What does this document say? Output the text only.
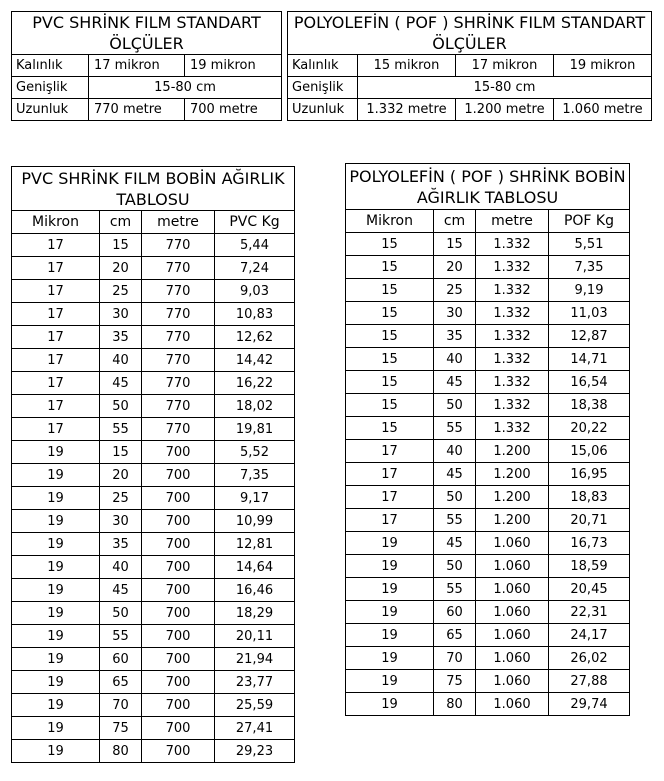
PVC SHRİNK FILM STANDART ÖLÇÜLER		
Kalınlık	17 mikron	19 mikron
Genişlik	15-80 cm	
Uzunluk	770 metre	700 metre
POLYOLEFİN ( POF ) SHRİNK FILM STANDART ÖLÇÜLER			
Kalınlık	15 mikron	17 mikron	19 mikron
Genişlik	15-80 cm		
Uzunluk	1.332 metre	1.200 metre	1.060 metre
PVC SHRİNK FILM BOBİN AĞIRLIK TABLOSU			
Mikron	cm	metre	PVC Kg
17	15	770	5,44
17	20	770	7,24
17	25	770	9,03
17	30	770	10,83
17	35	770	12,62
17	40	770	14,42
17	45	770	16,22
17	50	770	18,02
17	55	770	19,81
19	15	700	5,52
19	20	700	7,35
19	25	700	9,17
19	30	700	10,99
19	35	700	12,81
19	40	700	14,64
19	45	700	16,46
19	50	700	18,29
19	55	700	20,11
19	60	700	21,94
19	65	700	23,77
19	70	700	25,59
19	75	700	27,41
19	80	700	29,23
POLYOLEFİN ( POF ) SHRİNK BOBİN AĞIRLIK TABLOSU			
Mikron	cm	metre	POF Kg
15	15	1.332	5,51
15	20	1.332	7,35
15	25	1.332	9,19
15	30	1.332	11,03
15	35	1.332	12,87
15	40	1.332	14,71
15	45	1.332	16,54
15	50	1.332	18,38
15	55	1.332	20,22
17	40	1.200	15,06
17	45	1.200	16,95
17	50	1.200	18,83
17	55	1.200	20,71
19	45	1.060	16,73
19	50	1.060	18,59
19	55	1.060	20,45
19	60	1.060	22,31
19	65	1.060	24,17
19	70	1.060	26,02
19	75	1.060	27,88
19	80	1.060	29,74
